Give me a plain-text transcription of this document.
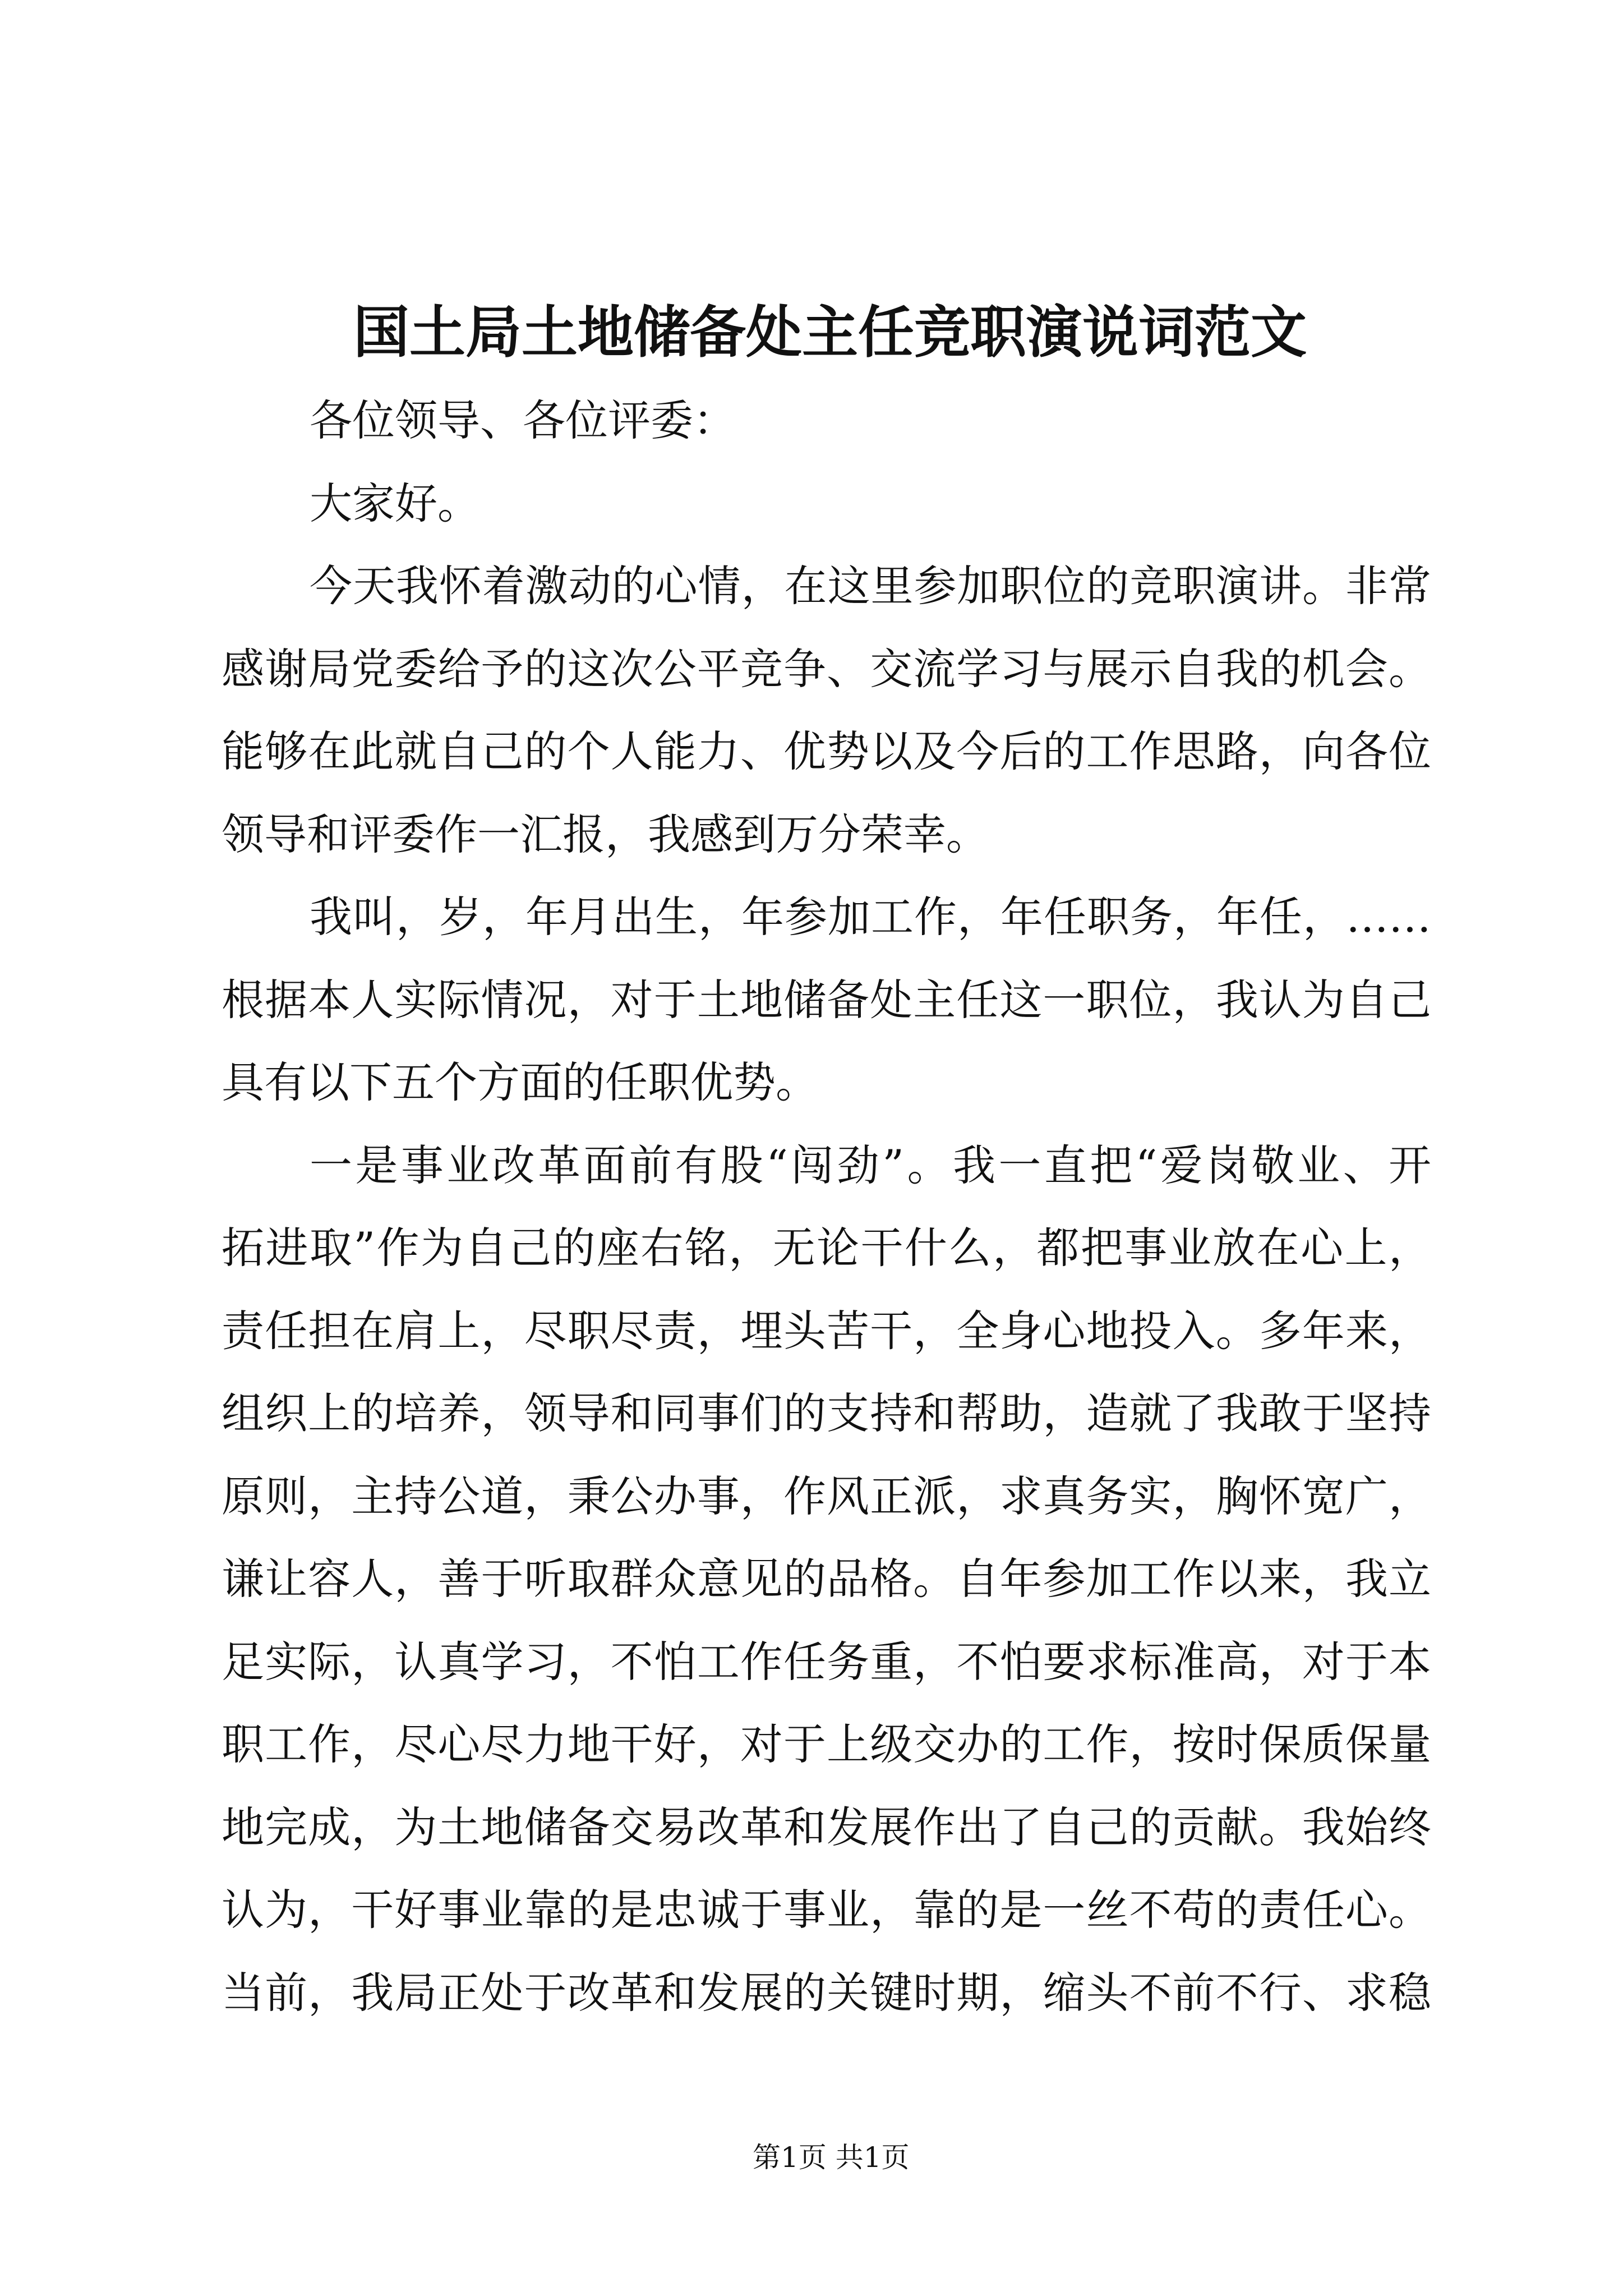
国土局土地储备处主任竞职演说词范文
各位领导、各位评委：
大家好。
今天我怀着激动的心情，在这里参加职位的竞职演讲。非常
感谢局党委给予的这次公平竞争、交流学习与展示自我的机会。
能够在此就自己的个人能力、优势以及今后的工作思路，向各位
领导和评委作一汇报，我感到万分荣幸。
我叫，岁，年月出生，年参加工作，年任职务，年任，……
根据本人实际情况，对于土地储备处主任这一职位，我认为自己
具有以下五个方面的任职优势。
一是事业改革面前有股“闯劲”。我一直把“爱岗敬业、开
拓进取”作为自己的座右铭，无论干什么，都把事业放在心上，
责任担在肩上，尽职尽责，埋头苦干，全身心地投入。多年来，
组织上的培养，领导和同事们的支持和帮助，造就了我敢于坚持
原则，主持公道，秉公办事，作风正派，求真务实，胸怀宽广，
谦让容人，善于听取群众意见的品格。自年参加工作以来，我立
足实际，认真学习，不怕工作任务重，不怕要求标准高，对于本
职工作，尽心尽力地干好，对于上级交办的工作，按时保质保量
地完成，为土地储备交易改革和发展作出了自己的贡献。我始终
认为，干好事业靠的是忠诚于事业，靠的是一丝不苟的责任心。
当前，我局正处于改革和发展的关键时期，缩头不前不行、求稳
第1页 共1页
